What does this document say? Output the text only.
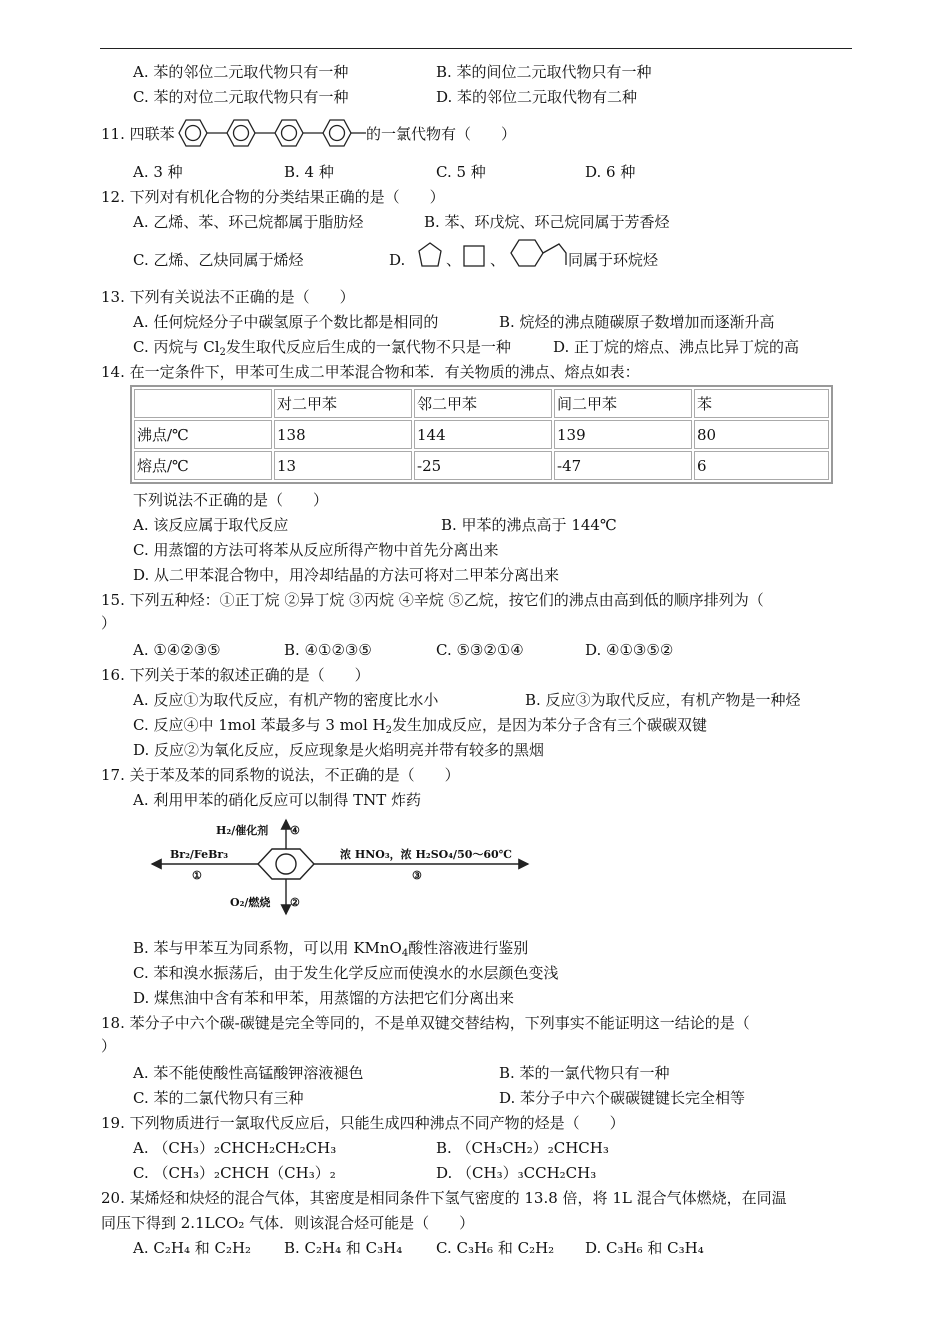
A. 苯的邻位二元取代物只有一种	B. 苯的间位二元取代物只有一种
C. 苯的对位二元取代物只有一种	D. 苯的邻位二元取代物有二种
11. 四联苯	的一氯代物有（　　）
A. 3 种	B. 4 种	C. 5 种	D. 6 种
12. 下列对有机化合物的分类结果正确的是（　　）
A. 乙烯、苯、环己烷都属于脂肪烃	B. 苯、环戊烷、环己烷同属于芳香烃
C. 乙烯、乙炔同属于烯烃	D.	、 、	同属于环烷烃
13. 下列有关说法不正确的是（　　）
A. 任何烷烃分子中碳氢原子个数比都是相同的	B. 烷烃的沸点随碳原子数增加而逐渐升高
C. 丙烷与 $Cl_2$发生取代反应后生成的一氯代物不只是一种	D. 正丁烷的熔点、沸点比异丁烷的高
14. 在一定条件下，甲苯可生成二甲苯混合物和苯．有关物质的沸点、熔点如表：
	对二甲苯	邻二甲苯	间二甲苯	苯
沸点/℃	138	144	139	80
熔点/℃	13	-25	-47	6
下列说法不正确的是（　　）
A. 该反应属于取代反应	B. 甲苯的沸点高于 144℃
C. 用蒸馏的方法可将苯从反应所得产物中首先分离出来
D. 从二甲苯混合物中，用冷却结晶的方法可将对二甲苯分离出来
15. 下列五种烃：①正丁烷 ②异丁烷 ③丙烷 ④辛烷 ⑤乙烷，按它们的沸点由高到低的顺序排列为（
）
A. ①④②③⑤	B. ④①②③⑤	C. ⑤③②①④	D. ④①③⑤②
16. 下列关于苯的叙述正确的是（　　）
A. 反应①为取代反应，有机产物的密度比水小	B. 反应③为取代反应，有机产物是一种烃
C. 反应④中 1mol 苯最多与 3 mol $H_2$发生加成反应，是因为苯分子含有三个碳碳双键
D. 反应②为氧化反应，反应现象是火焰明亮并带有较多的黑烟
17. 关于苯及苯的同系物的说法，不正确的是（　　）
A. 利用甲苯的硝化反应可以制得 TNT 炸药
Br₂/FeBr₃
①
H₂/催化剂 ④
O₂/燃烧 ②
浓 HNO₃，浓 H₂SO₄/50～60℃
③
B. 苯与甲苯互为同系物，可以用 KMnO$_4$酸性溶液进行鉴别
C. 苯和溴水振荡后，由于发生化学反应而使溴水的水层颜色变浅
D. 煤焦油中含有苯和甲苯，用蒸馏的方法把它们分离出来
18. 苯分子中六个碳-碳键是完全等同的，不是单双键交替结构，下列事实不能证明这一结论的是（
）
A. 苯不能使酸性高锰酸钾溶液褪色	B. 苯的一氯代物只有一种
C. 苯的二氯代物只有三种	D. 苯分子中六个碳碳键键长完全相等
19. 下列物质进行一氯取代反应后，只能生成四种沸点不同产物的烃是（　　）
A. （CH₃）₂CHCH₂CH₂CH₃	B. （CH₃CH₂）₂CHCH₃
C. （CH₃）₂CHCH（CH₃）₂	D. （CH₃）₃CCH₂CH₃
20. 某烯烃和炔烃的混合气体，其密度是相同条件下氢气密度的 13.8 倍，将 1L 混合气体燃烧，在同温
同压下得到 2.1LCO₂ 气体．则该混合烃可能是（　　）
A. C₂H₄ 和 C₂H₂ B. C₂H₄ 和 C₃H₄ C. C₃H₆ 和 C₂H₂ D. C₃H₆ 和 C₃H₄
